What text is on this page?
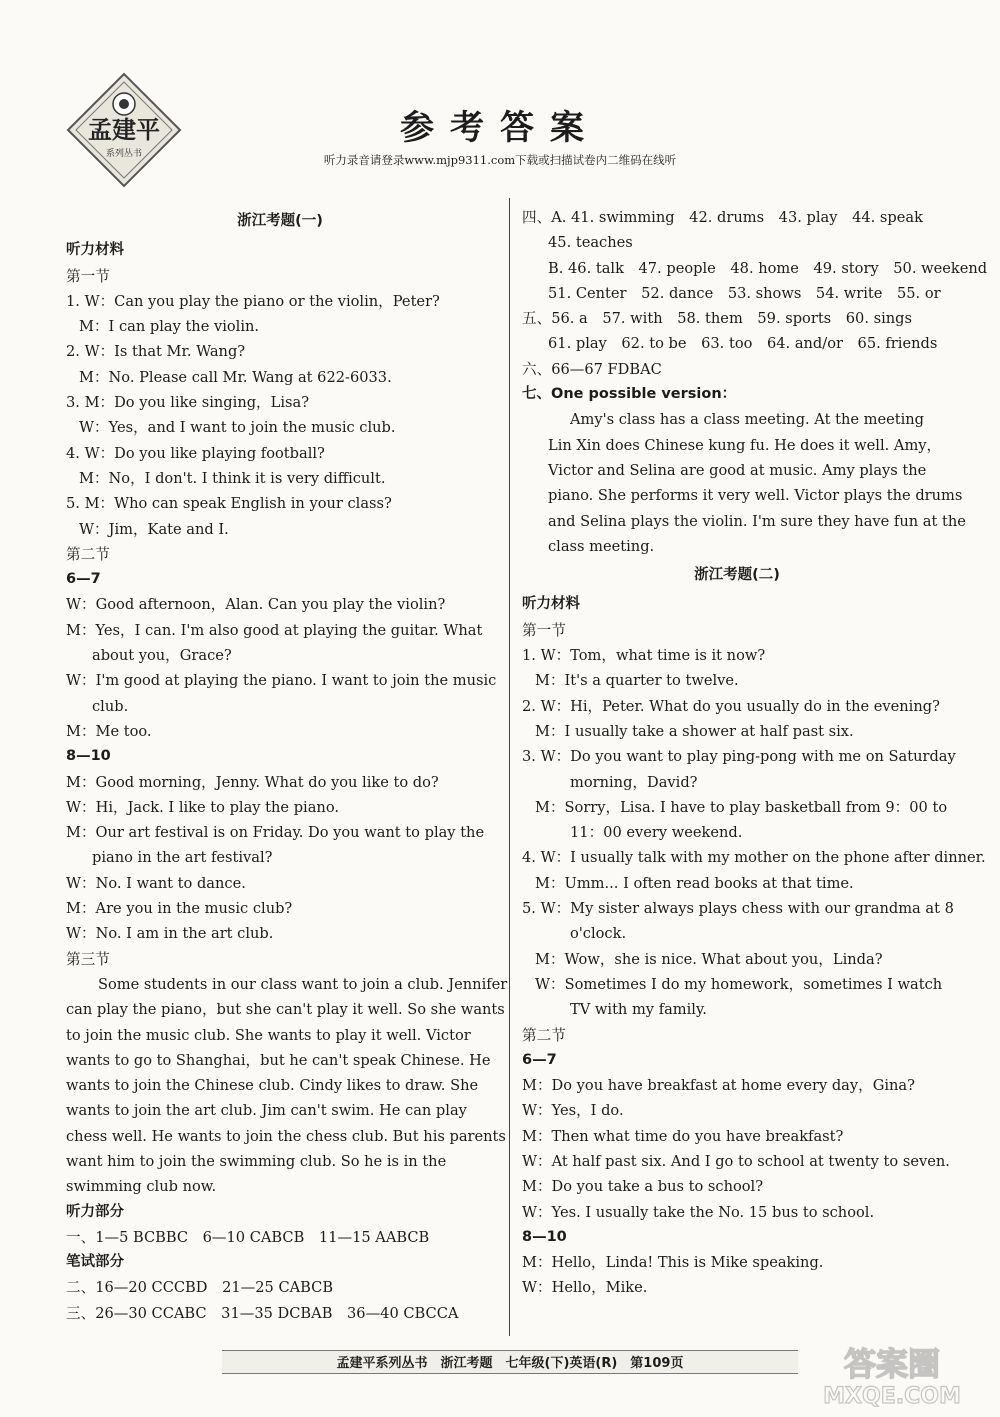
孟建平
系列丛书
参考答案
听力录音请登录www.mjp9311.com下载或扫描试卷内二维码在线听
浙江考题(一)
听力材料
第一节
1. W：Can you play the piano or the violin，Peter?
M：I can play the violin.
2. W：Is that Mr. Wang?
M：No. Please call Mr. Wang at 622-6033.
3. M：Do you like singing，Lisa?
W：Yes，and I want to join the music club.
4. W：Do you like playing football?
M：No，I don't. I think it is very difficult.
5. M：Who can speak English in your class?
W：Jim，Kate and I.
第二节
6—7
W：Good afternoon，Alan. Can you play the violin?
M：Yes，I can. I'm also good at playing the guitar. What
about you，Grace?
W：I'm good at playing the piano. I want to join the music
club.
M：Me too.
8—10
M：Good morning，Jenny. What do you like to do?
W：Hi，Jack. I like to play the piano.
M：Our art festival is on Friday. Do you want to play the
piano in the art festival?
W：No. I want to dance.
M：Are you in the music club?
W：No. I am in the art club.
第三节
Some students in our class want to join a club. Jennifer
can play the piano，but she can't play it well. So she wants
to join the music club. She wants to play it well. Victor
wants to go to Shanghai，but he can't speak Chinese. He
wants to join the Chinese club. Cindy likes to draw. She
wants to join the art club. Jim can't swim. He can play
chess well. He wants to join the chess club. But his parents
want him to join the swimming club. So he is in the
swimming club now.
听力部分
一、1—5 BCBBC　6—10 CABCB　11—15 AABCB
笔试部分
二、16—20 CCCBD　21—25 CABCB
三、26—30 CCABC　31—35 DCBAB　36—40 CBCCA
四、A. 41. swimming　42. drums　43. play　44. speak
45. teaches
B. 46. talk　47. people　48. home　49. story　50. weekend
51. Center　52. dance　53. shows　54. write　55. or
五、56. a　57. with　58. them　59. sports　60. sings
61. play　62. to be　63. too　64. and/or　65. friends
六、66—67 FDBAC
七、One possible version：
Amy's class has a class meeting. At the meeting
Lin Xin does Chinese kung fu. He does it well. Amy，
Victor and Selina are good at music. Amy plays the
piano. She performs it very well. Victor plays the drums
and Selina plays the violin. I'm sure they have fun at the
class meeting.
浙江考题(二)
听力材料
第一节
1. W：Tom，what time is it now?
M：It's a quarter to twelve.
2. W：Hi，Peter. What do you usually do in the evening?
M：I usually take a shower at half past six.
3. W：Do you want to play ping-pong with me on Saturday
morning，David?
M：Sorry，Lisa. I have to play basketball from 9：00 to
11：00 every weekend.
4. W：I usually talk with my mother on the phone after dinner.
M：Umm... I often read books at that time.
5. W：My sister always plays chess with our grandma at 8
o'clock.
M：Wow，she is nice. What about you，Linda?
W：Sometimes I do my homework，sometimes I watch
TV with my family.
第二节
6—7
M：Do you have breakfast at home every day，Gina?
W：Yes，I do.
M：Then what time do you have breakfast?
W：At half past six. And I go to school at twenty to seven.
M：Do you take a bus to school?
W：Yes. I usually take the No. 15 bus to school.
8—10
M：Hello，Linda! This is Mike speaking.
W：Hello，Mike.
孟建平系列丛书　浙江考题　七年级(下)英语(R)　第109页	答案圈
MXQE.COM
